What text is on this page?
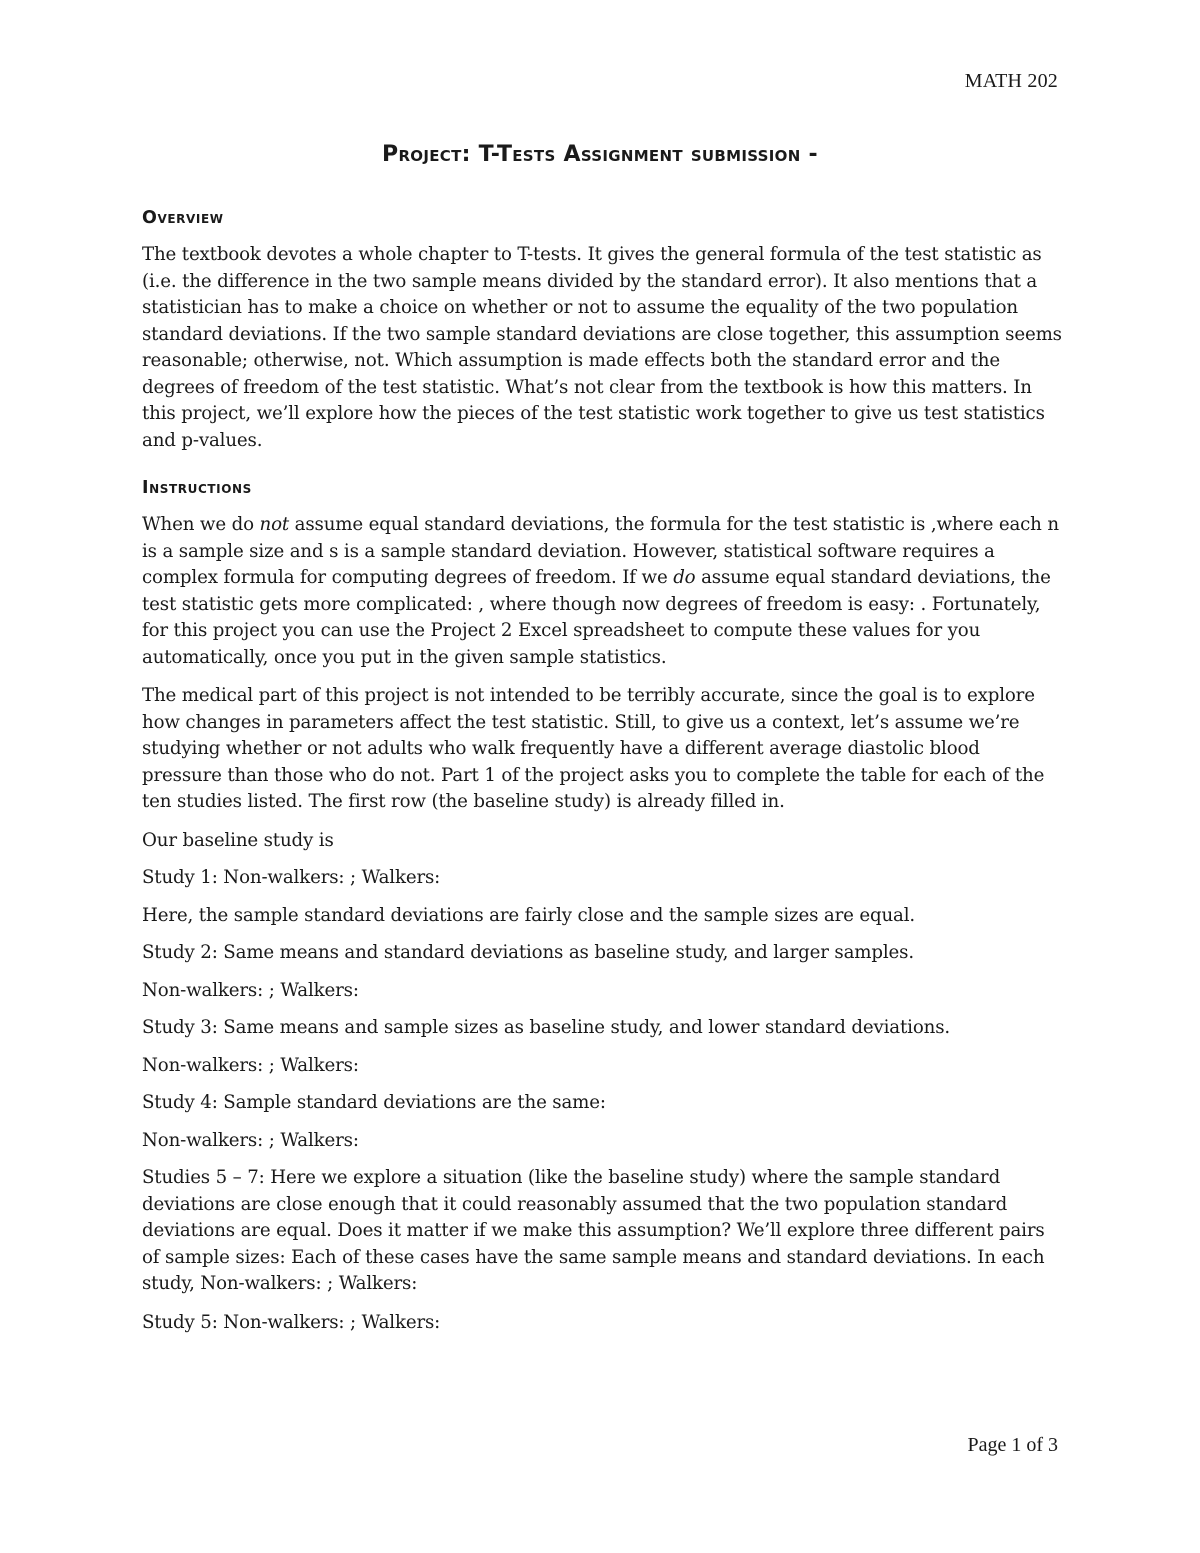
MATH 202
Project: T-Tests Assignment submission -
Overview

The textbook devotes a whole chapter to T-tests. It gives the general formula of the test statistic as (i.e. the difference in the two sample means divided by the standard error). It also mentions that a statistician has to make a choice on whether or not to assume the equality of the two population standard deviations. If the two sample standard deviations are close together, this assumption seems reasonable; otherwise, not. Which assumption is made effects both the standard error and the degrees of freedom of the test statistic. What’s not clear from the textbook is how this matters. In this project, we’ll explore how the pieces of the test statistic work together to give us test statistics and p-values.

Instructions

When we do not assume equal standard deviations, the formula for the test statistic is ,where each n is a sample size and s is a sample standard deviation. However, statistical software requires a complex formula for computing degrees of freedom. If we do assume equal standard deviations, the test statistic gets more complicated: , where though now degrees of freedom is easy: . Fortunately, for this project you can use the Project 2 Excel spreadsheet to compute these values for you automatically, once you put in the given sample statistics.

The medical part of this project is not intended to be terribly accurate, since the goal is to explore how changes in parameters affect the test statistic. Still, to give us a context, let’s assume we’re studying whether or not adults who walk frequently have a different average diastolic blood pressure than those who do not. Part 1 of the project asks you to complete the table for each of the ten studies listed. The first row (the baseline study) is already filled in.

Our baseline study is

Study 1: Non-walkers: ; Walkers:

Here, the sample standard deviations are fairly close and the sample sizes are equal.

Study 2: Same means and standard deviations as baseline study, and larger samples.

Non-walkers: ; Walkers:

Study 3: Same means and sample sizes as baseline study, and lower standard deviations.

Non-walkers: ; Walkers:

Study 4: Sample standard deviations are the same:

Non-walkers: ; Walkers:

Studies 5 – 7: Here we explore a situation (like the baseline study) where the sample standard deviations are close enough that it could reasonably assumed that the two population standard deviations are equal. Does it matter if we make this assumption? We’ll explore three different pairs of sample sizes: Each of these cases have the same sample means and standard deviations. In each study, Non-walkers: ; Walkers:

Study 5: Non-walkers: ; Walkers:

Page 1 of 3
